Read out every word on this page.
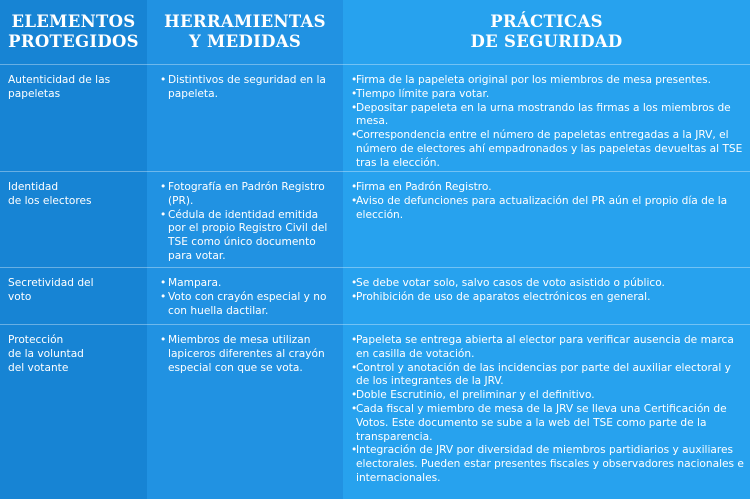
ELEMENTOS
PROTEGIDOS
HERRAMIENTAS
Y MEDIDAS
PRÁCTICAS
DE SEGURIDAD
Autenticidad de las
papeletas
• Distintivos de seguridad en la papeleta.
• Firma de la papeleta original por los miembros de mesa presentes.
• Tiempo límite para votar.
• Depositar papeleta en la urna mostrando las firmas a los miembros de mesa.
• Correspondencia entre el número de papeletas entregadas a la JRV, el número de electores ahí empadronados y las papeletas devueltas al TSE tras la elección.
Identidad
de los electores
• Fotografía en Padrón Registro (PR).
• Cédula de identidad emitida por el propio Registro Civil del TSE como único documento para votar.
• Firma en Padrón Registro.
• Aviso de defunciones para actualización del PR aún el propio día de la elección.
Secretividad del
voto
• Mampara.
• Voto con crayón especial y no con huella dactilar.
• Se debe votar solo, salvo casos de voto asistido o público.
• Prohibición de uso de aparatos electrónicos en general.
Protección
de la voluntad
del votante
• Miembros de mesa utilizan lapiceros diferentes al crayón especial con que se vota.
• Papeleta se entrega abierta al elector para verificar ausencia de marca en casilla de votación.
• Control y anotación de las incidencias por parte del auxiliar electoral y de los integrantes de la JRV.
• Doble Escrutinio, el preliminar y el definitivo.
• Cada fiscal y miembro de mesa de la JRV se lleva una Certificación de Votos. Este documento se sube a la web del TSE como parte de la transparencia.
• Integración de JRV por diversidad de miembros partidiarios y auxiliares electorales. Pueden estar presentes fiscales y observadores nacionales e internacionales.
